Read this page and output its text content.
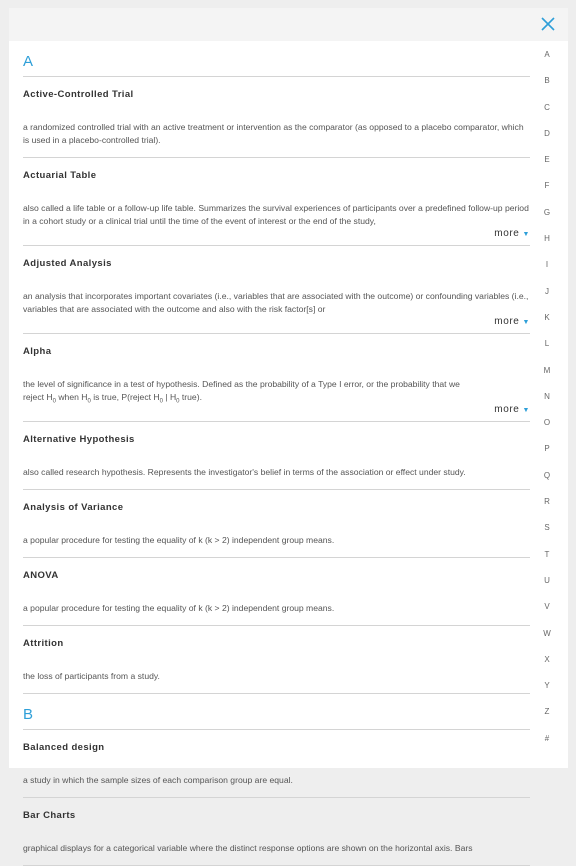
A
Active-Controlled Trial
a randomized controlled trial with an active treatment or intervention as the comparator (as opposed to a placebo comparator, which is used in a placebo-controlled trial).
Actuarial Table
also called a life table or a follow-up life table. Summarizes the survival experiences of participants over a predefined follow-up period in a cohort study or a clinical trial until the time of the event of interest or the end of the study,
more ▼
Adjusted Analysis
an analysis that incorporates important covariates (i.e., variables that are associated with the outcome) or confounding variables (i.e., variables that are associated with the outcome and also with the risk factor[s] or
more ▼
Alpha
the level of significance in a test of hypothesis. Defined as the probability of a Type I error, or the probability that we
reject $H_0$ when $H_0$ is true, P(reject $H_0$ | $H_0$ true).
more ▼
Alternative Hypothesis
also called research hypothesis. Represents the investigator's belief in terms of the association or effect under study.
Analysis of Variance
a popular procedure for testing the equality of k (k > 2) independent group means.
ANOVA
a popular procedure for testing the equality of k (k > 2) independent group means.
Attrition
the loss of participants from a study.
B
Balanced design
a study in which the sample sizes of each comparison group are equal.
Bar Charts
graphical displays for a categorical variable where the distinct response options are shown on the horizontal axis. Bars
A
B
C
D
E
F
G
H
I
J
K
L
M
N
O
P
Q
R
S
T
U
V
W
X
Y
Z
#
